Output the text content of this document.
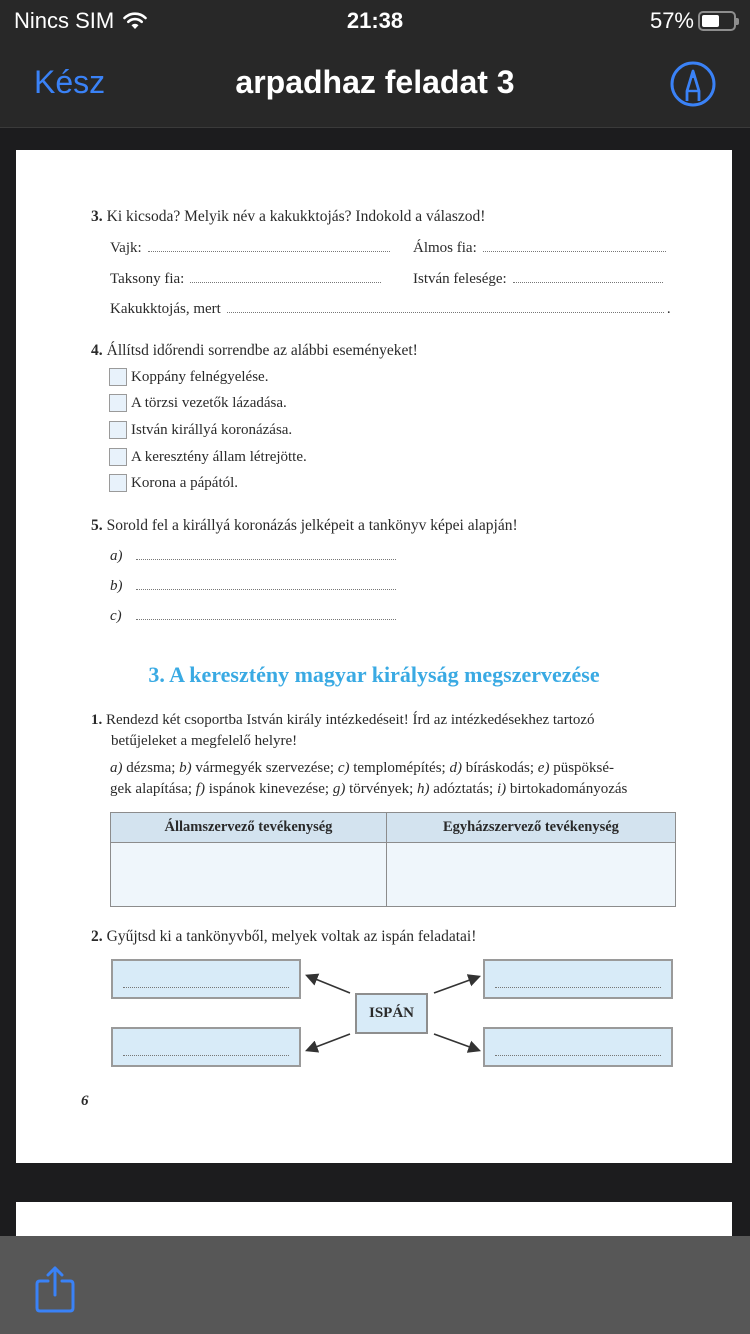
Nincs SIM	21:38	57%
Kész	arpadhaz feladat 3
3. Ki kicsoda? Melyik név a kakukktojás? Indokold a válaszod!
Vajk:	Álmos fia:
Taksony fia:	István felesége:
Kakukktojás, mert	.
4. Állítsd időrendi sorrendbe az alábbi eseményeket!
Koppány felnégyelése.
A törzsi vezetők lázadása.
István királlyá koronázása.
A keresztény állam létrejötte.
Korona a pápától.
5. Sorold fel a királlyá koronázás jelképeit a tankönyv képei alapján!
a)
b)
c)
3. A keresztény magyar királyság megszervezése
1. Rendezd két csoportba István király intézkedéseit! Írd az intézkedésekhez tartozó
betűjeleket a megfelelő helyre!
a) dézsma; b) vármegyék szervezése; c) templomépítés; d) bíráskodás; e) püspöksé-
gek alapítása; f) ispánok kinevezése; g) törvények; h) adóztatás; i) birtokadományozás
Államszervező tevékenység	Egyházszervező tevékenység

2. Gyűjtsd ki a tankönyvből, melyek voltak az ispán feladatai!
ISPÁN
6
